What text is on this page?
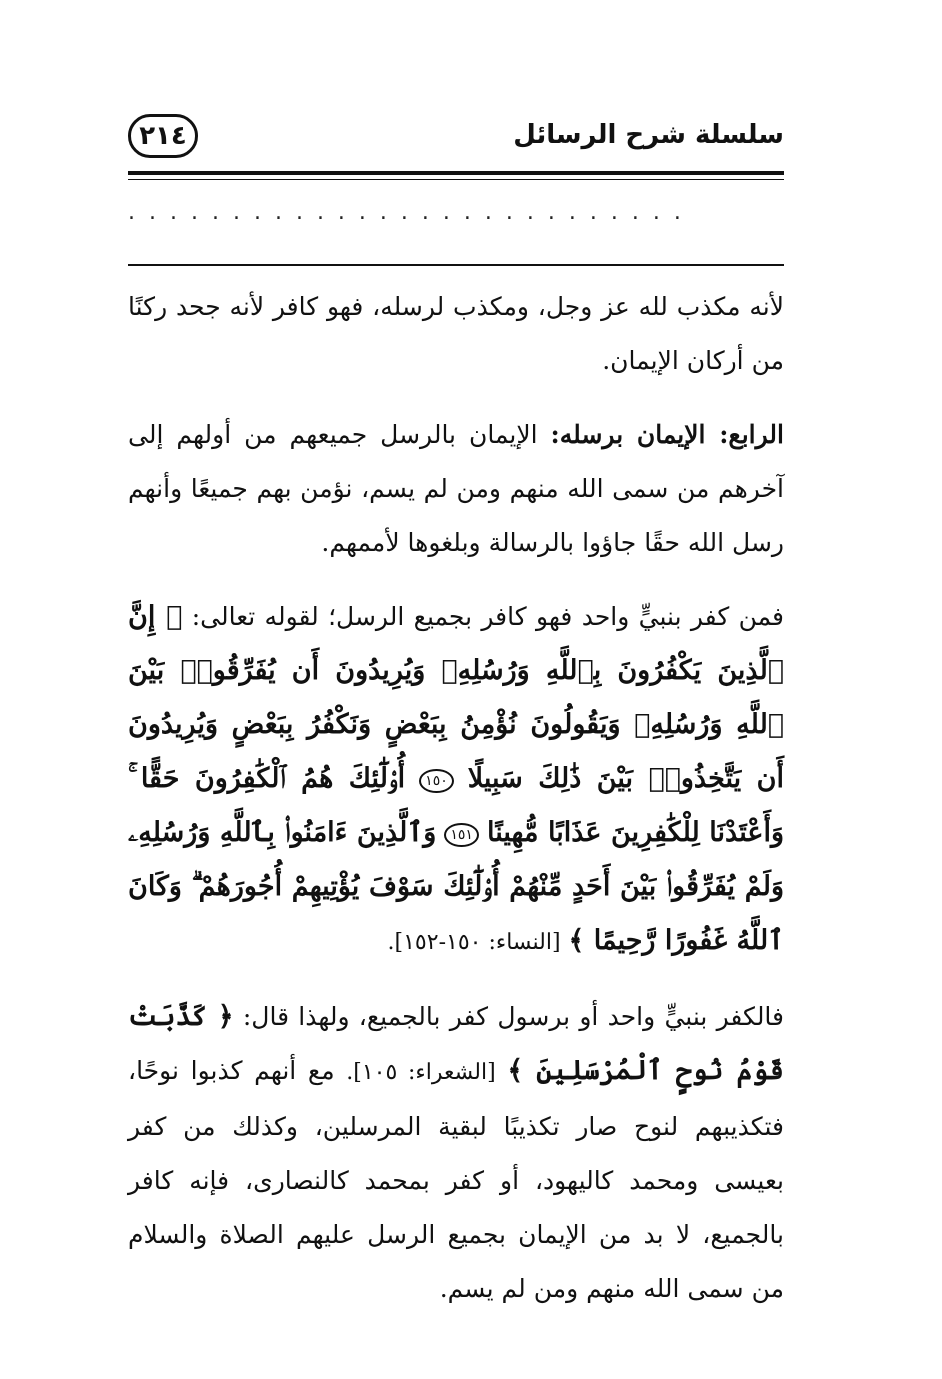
سلسلة شرح الرسائل
٢١٤
...........................

لأنه مكذب لله عز وجل، ومكذب لرسله، فهو كافر لأنه جحد ركنًا من أركان الإيمان.

الرابع: الإيمان برسله: الإيمان بالرسل جميعهم من أولهم إلى آخرهم من سمى الله منهم ومن لم يسم، نؤمن بهم جميعًا وأنهم رسل الله حقًا جاؤوا بالرسالة وبلغوها لأممهم.

فمن كفر بنبيٍّ واحد فهو كافر بجميع الرسل؛ لقوله تعالى: ﴿ إِنَّ ٱلَّذِينَ يَكْفُرُونَ بِٱللَّهِ وَرُسُلِهِۦ وَيُرِيدُونَ أَن يُفَرِّقُوا۟ بَيْنَ ٱللَّهِ وَرُسُلِهِۦ وَيَقُولُونَ نُؤْمِنُ بِبَعْضٍ وَنَكْفُرُ بِبَعْضٍ وَيُرِيدُونَ أَن يَتَّخِذُوا۟ بَيْنَ ذَٰلِكَ سَبِيلًا ١٥٠ أُو۟لَٰٓئِكَ هُمُ ٱلْكَٰفِرُونَ حَقًّا ۚ وَأَعْتَدْنَا لِلْكَٰفِرِينَ عَذَابًا مُّهِينًا ١٥١ وَٱلَّذِينَ ءَامَنُوا۟ بِٱللَّهِ وَرُسُلِهِۦ وَلَمْ يُفَرِّقُوا۟ بَيْنَ أَحَدٍ مِّنْهُمْ أُو۟لَٰٓئِكَ سَوْفَ يُؤْتِيهِمْ أُجُورَهُمْ ۗ وَكَانَ ٱللَّهُ غَفُورًا رَّحِيمًا ﴾ [النساء: ١٥٠-١٥٢].

فالكفر بنبيٍّ واحد أو برسول كفر بالجميع، ولهذا قال: ﴿ كَذَّبَتْ قَوْمُ نُوحٍ ٱلْمُرْسَلِينَ ﴾ [الشعراء: ١٠٥]. مع أنهم كذبوا نوحًا، فتكذيبهم لنوح صار تكذيبًا لبقية المرسلين، وكذلك من كفر بعيسى ومحمد كاليهود، أو كفر بمحمد كالنصارى، فإنه كافر بالجميع، لا بد من الإيمان بجميع الرسل عليهم الصلاة والسلام من سمى الله منهم ومن لم يسم.
